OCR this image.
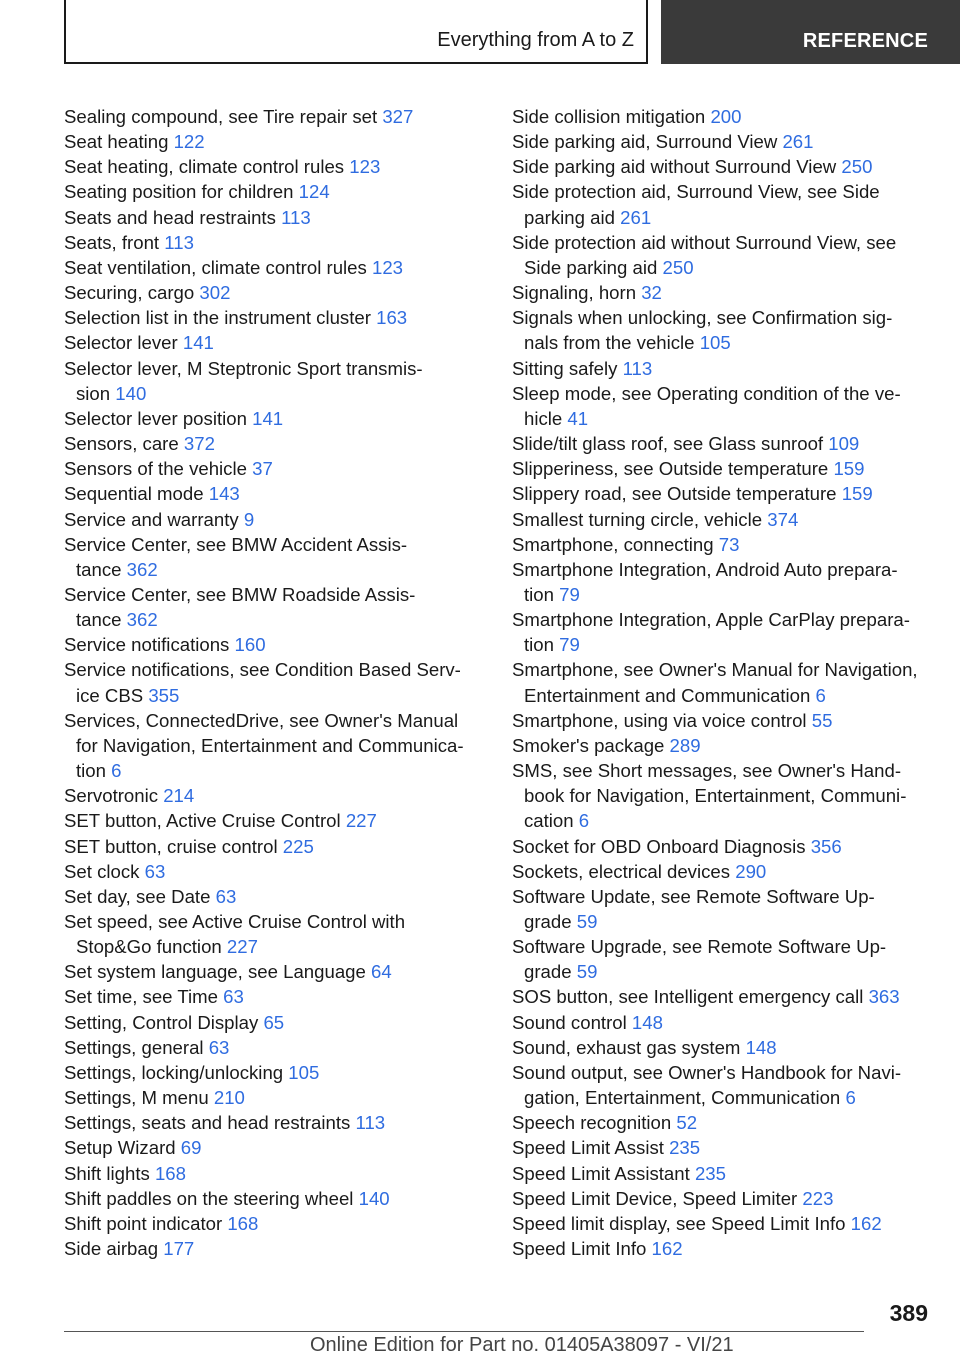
Everything from A to Z	REFERENCE
Sealing compound, see Tire repair set 327
Seat heating 122
Seat heating, climate control rules 123
Seating position for children 124
Seats and head restraints 113
Seats, front 113
Seat ventilation, climate control rules 123
Securing, cargo 302
Selection list in the instrument cluster 163
Selector lever 141
Selector lever, M Steptronic Sport transmis-
sion 140
Selector lever position 141
Sensors, care 372
Sensors of the vehicle 37
Sequential mode 143
Service and warranty 9
Service Center, see BMW Accident Assis-
tance 362
Service Center, see BMW Roadside Assis-
tance 362
Service notifications 160
Service notifications, see Condition Based Serv-
ice CBS 355
Services, ConnectedDrive, see Owner's Manual
for Navigation, Entertainment and Communica-
tion 6
Servotronic 214
SET button, Active Cruise Control 227
SET button, cruise control 225
Set clock 63
Set day, see Date 63
Set speed, see Active Cruise Control with
Stop&Go function 227
Set system language, see Language 64
Set time, see Time 63
Setting, Control Display 65
Settings, general 63
Settings, locking/unlocking 105
Settings, M menu 210
Settings, seats and head restraints 113
Setup Wizard 69
Shift lights 168
Shift paddles on the steering wheel 140
Shift point indicator 168
Side airbag 177
Side collision mitigation 200
Side parking aid, Surround View 261
Side parking aid without Surround View 250
Side protection aid, Surround View, see Side
parking aid 261
Side protection aid without Surround View, see
Side parking aid 250
Signaling, horn 32
Signals when unlocking, see Confirmation sig-
nals from the vehicle 105
Sitting safely 113
Sleep mode, see Operating condition of the ve-
hicle 41
Slide/tilt glass roof, see Glass sunroof 109
Slipperiness, see Outside temperature 159
Slippery road, see Outside temperature 159
Smallest turning circle, vehicle 374
Smartphone, connecting 73
Smartphone Integration, Android Auto prepara-
tion 79
Smartphone Integration, Apple CarPlay prepara-
tion 79
Smartphone, see Owner's Manual for Navigation,
Entertainment and Communication 6
Smartphone, using via voice control 55
Smoker's package 289
SMS, see Short messages, see Owner's Hand-
book for Navigation, Entertainment, Communi-
cation 6
Socket for OBD Onboard Diagnosis 356
Sockets, electrical devices 290
Software Update, see Remote Software Up-
grade 59
Software Upgrade, see Remote Software Up-
grade 59
SOS button, see Intelligent emergency call 363
Sound control 148
Sound, exhaust gas system 148
Sound output, see Owner's Handbook for Navi-
gation, Entertainment, Communication 6
Speech recognition 52
Speed Limit Assist 235
Speed Limit Assistant 235
Speed Limit Device, Speed Limiter 223
Speed limit display, see Speed Limit Info 162
Speed Limit Info 162
389
Online Edition for Part no. 01405A38097 - VI/21
